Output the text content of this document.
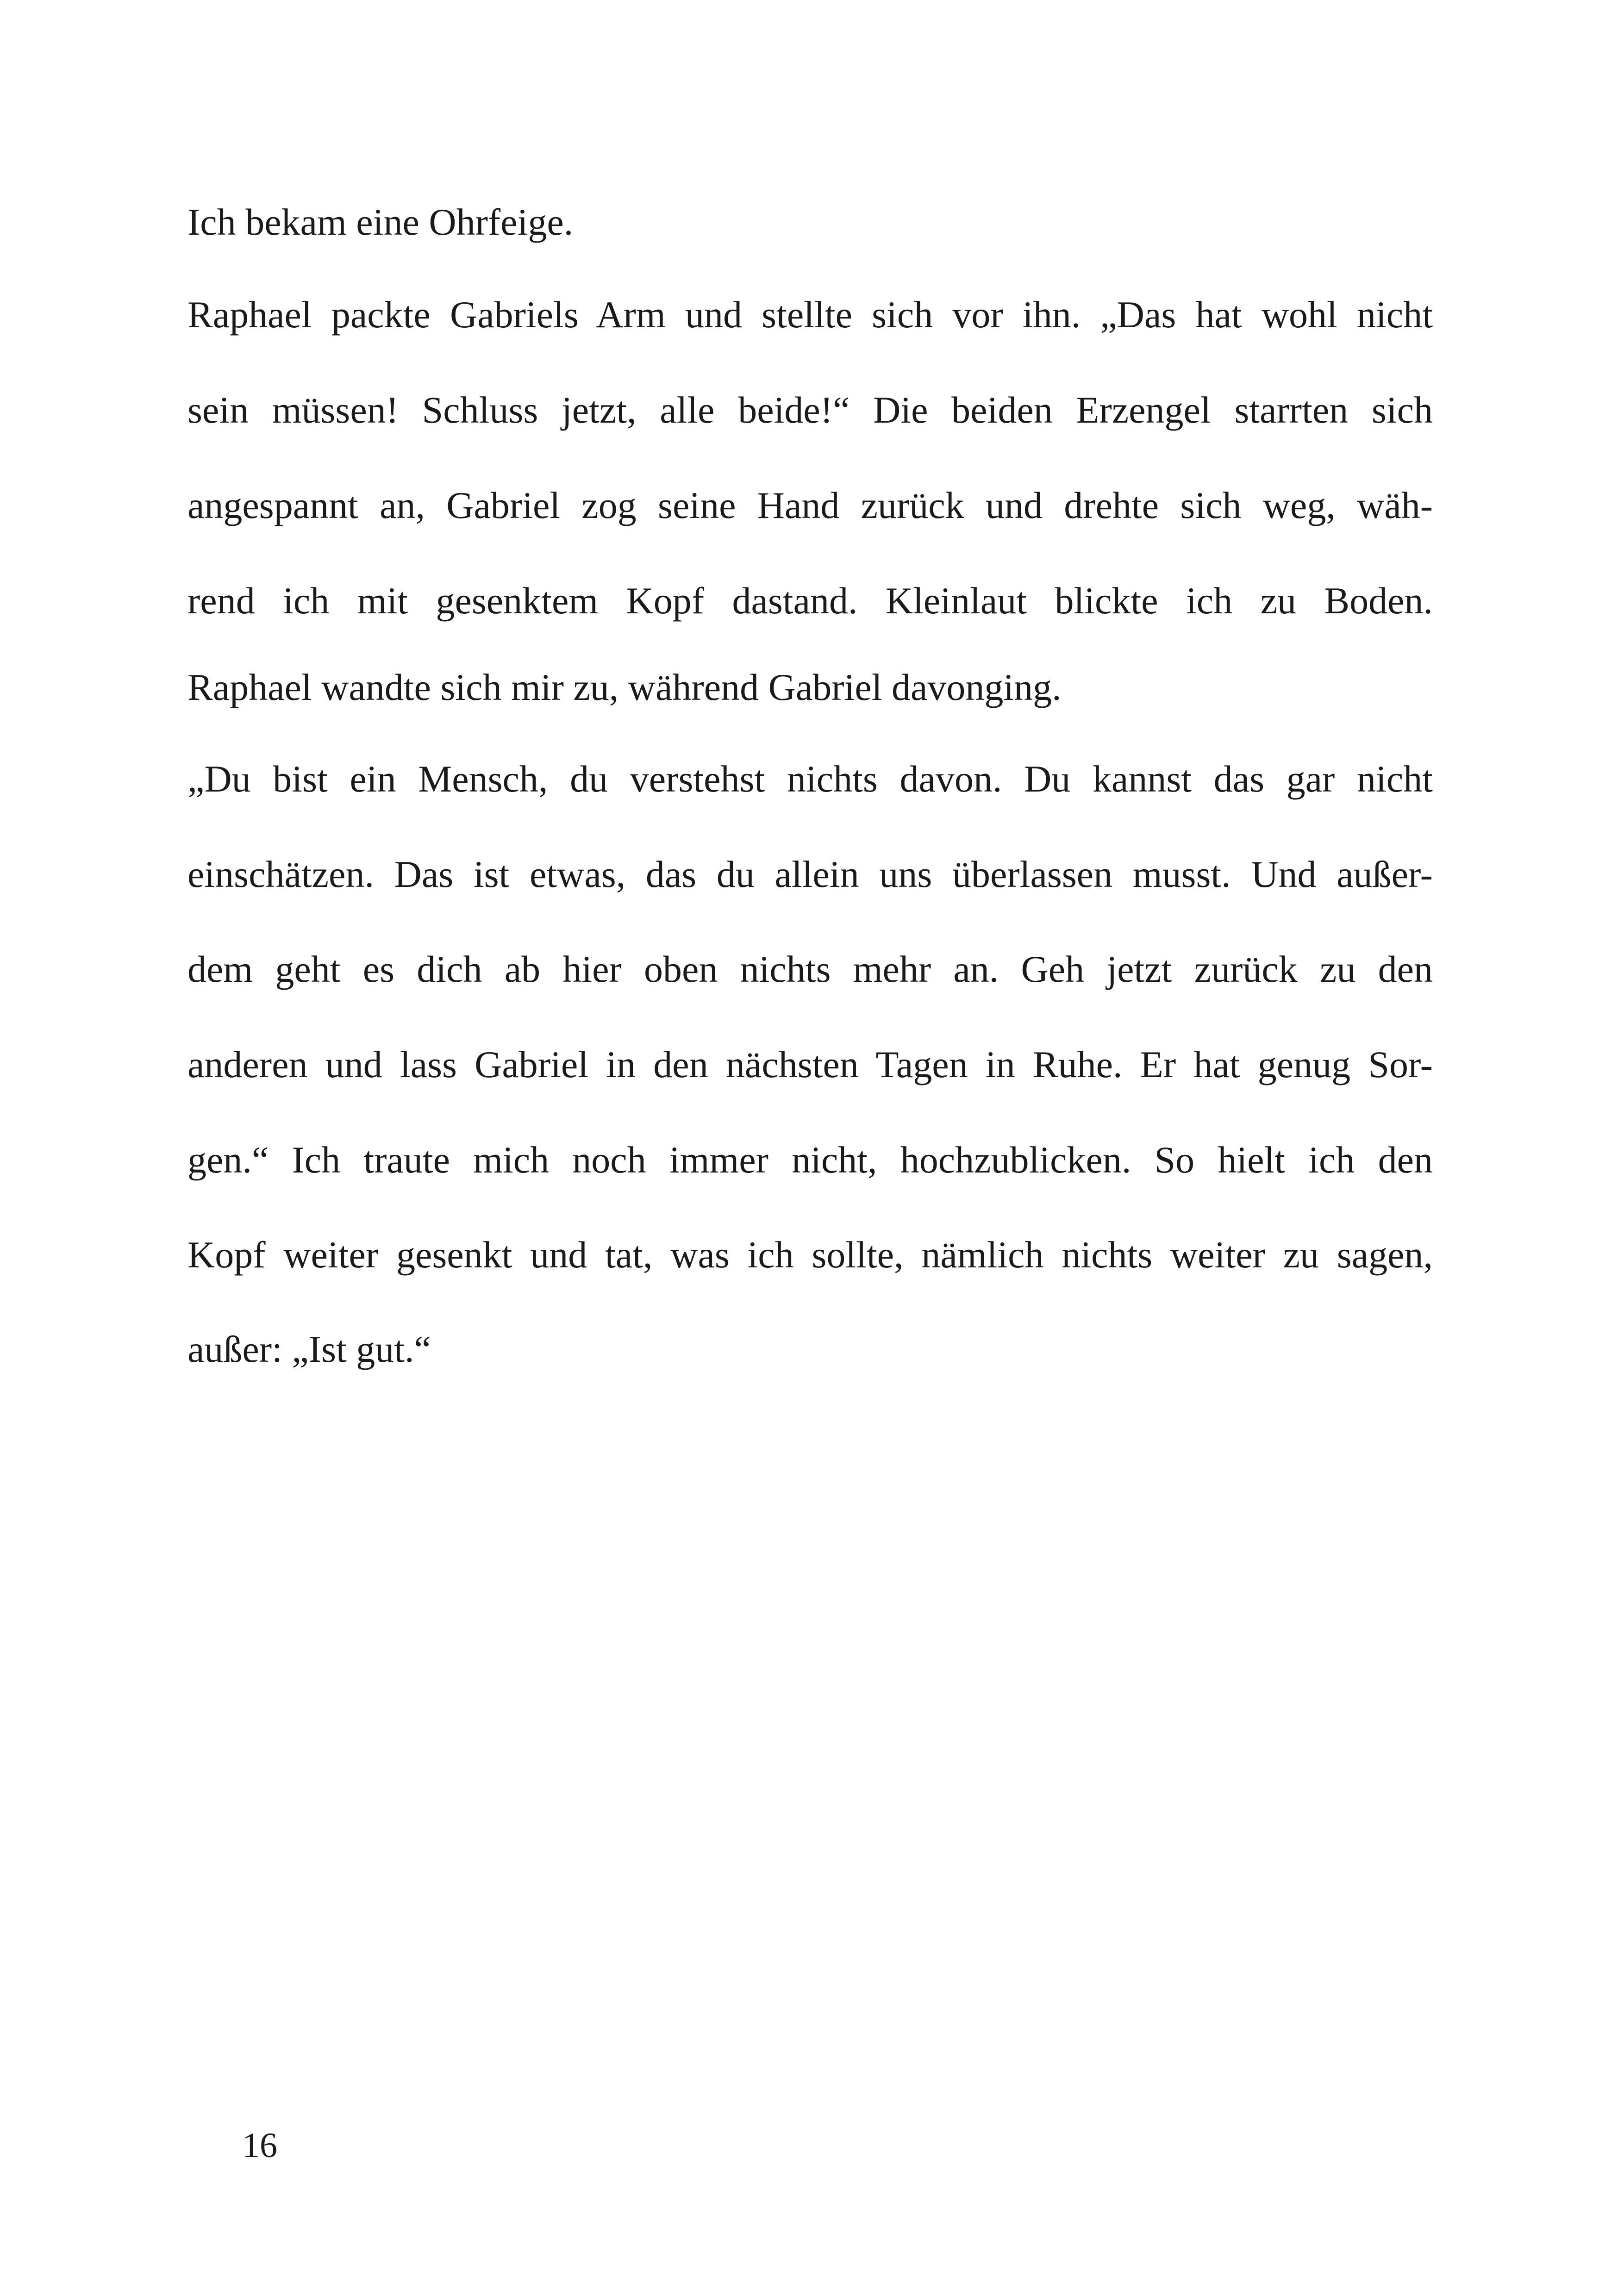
Ich bekam eine Ohrfeige.
Raphael packte Gabriels Arm und stellte sich vor ihn. „Das hat wohl nicht
sein müssen! Schluss jetzt, alle beide!“ Die beiden Erzengel starrten sich
angespannt an, Gabriel zog seine Hand zurück und drehte sich weg, wäh-
rend ich mit gesenktem Kopf dastand. Kleinlaut blickte ich zu Boden.
Raphael wandte sich mir zu, während Gabriel davonging.
„Du bist ein Mensch, du verstehst nichts davon. Du kannst das gar nicht
einschätzen. Das ist etwas, das du allein uns überlassen musst. Und außer-
dem geht es dich ab hier oben nichts mehr an. Geh jetzt zurück zu den
anderen und lass Gabriel in den nächsten Tagen in Ruhe. Er hat genug Sor-
gen.“ Ich traute mich noch immer nicht, hochzublicken. So hielt ich den
Kopf weiter gesenkt und tat, was ich sollte, nämlich nichts weiter zu sagen,
außer: „Ist gut.“
16
